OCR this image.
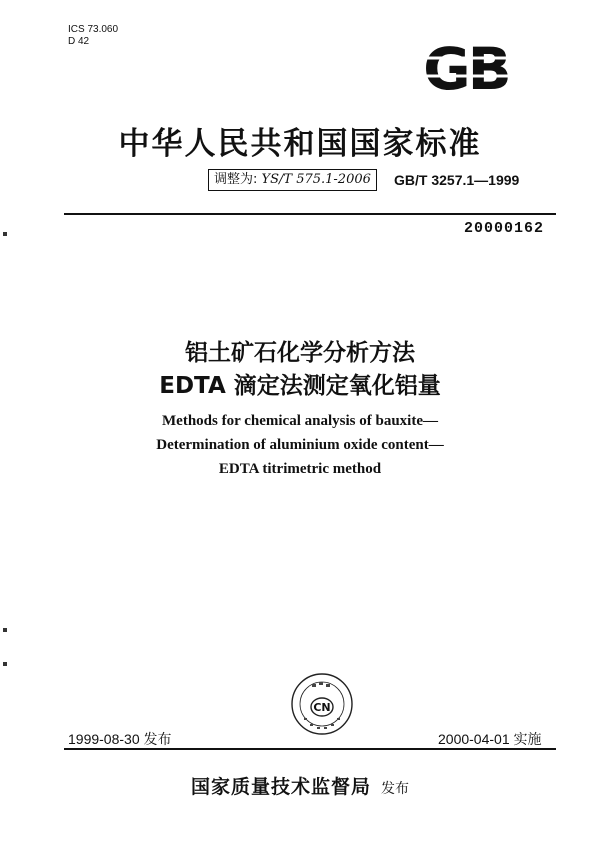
ICS 73.060
D 42	GB
中华人民共和国国家标准
调整为: YS/T 575.1-2006	GB/T 3257.1—1999
20000162
铝土矿石化学分析方法
EDTA 滴定法测定氧化铝量
Methods for chemical analysis of bauxite—
Determination of aluminium oxide content—
EDTA titrimetric method
CN
1999-08-30 发布	2000-04-01 实施
国家质量技术监督局 发布
